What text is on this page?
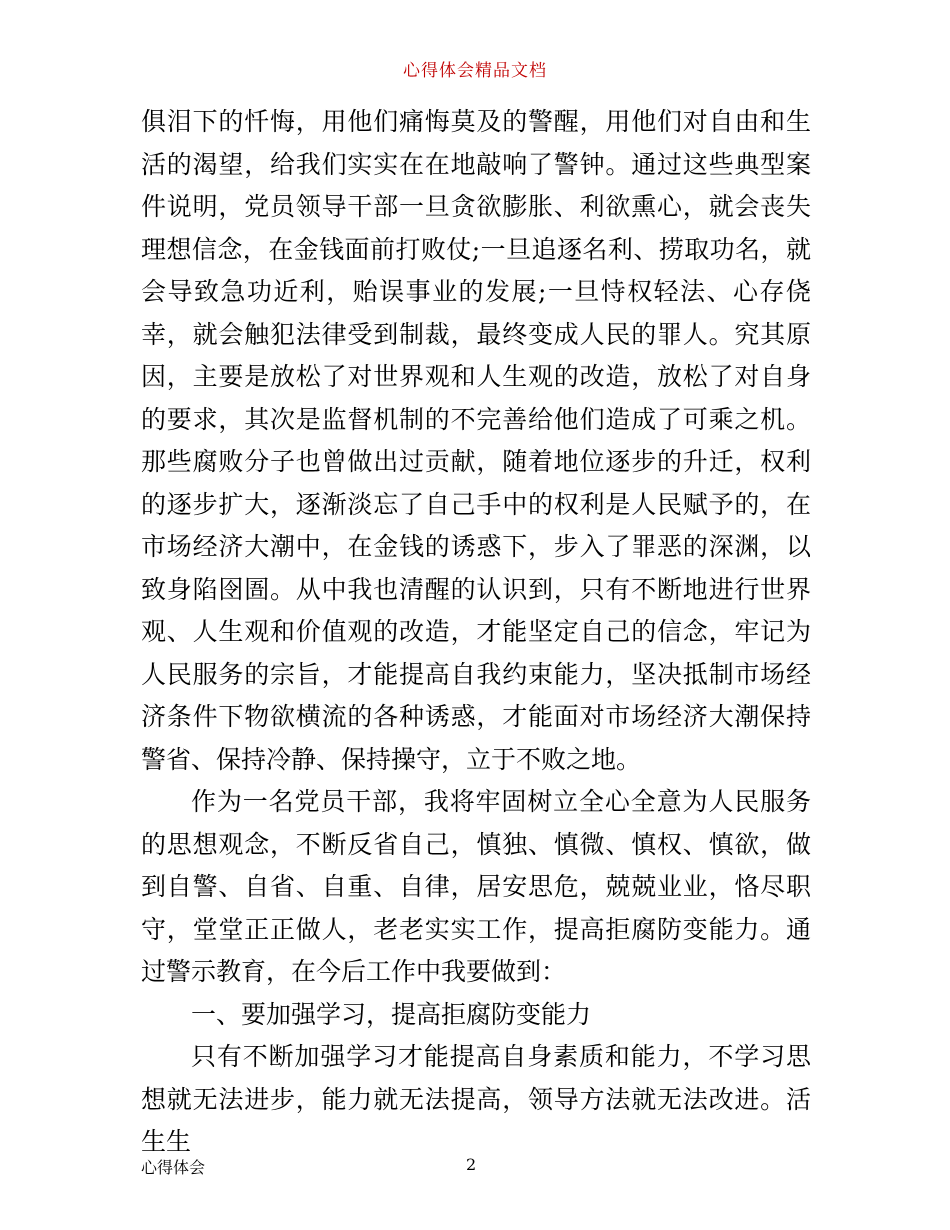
心得体会精品文档

俱泪下的忏悔，用他们痛悔莫及的警醒，用他们对自由和生活的渴望，给我们实实在在地敲响了警钟。通过这些典型案件说明，党员领导干部一旦贪欲膨胀、利欲熏心，就会丧失理想信念，在金钱面前打败仗;一旦追逐名利、捞取功名，就会导致急功近利，贻误事业的发展;一旦恃权轻法、心存侥幸，就会触犯法律受到制裁，最终变成人民的罪人。究其原因，主要是放松了对世界观和人生观的改造，放松了对自身的要求，其次是监督机制的不完善给他们造成了可乘之机。那些腐败分子也曾做出过贡献，随着地位逐步的升迁，权利的逐步扩大，逐渐淡忘了自己手中的权利是人民赋予的，在市场经济大潮中，在金钱的诱惑下，步入了罪恶的深渊，以致身陷囹圄。从中我也清醒的认识到，只有不断地进行世界观、人生观和价值观的改造，才能坚定自己的信念，牢记为人民服务的宗旨，才能提高自我约束能力，坚决抵制市场经济条件下物欲横流的各种诱惑，才能面对市场经济大潮保持警省、保持冷静、保持操守，立于不败之地。

作为一名党员干部，我将牢固树立全心全意为人民服务的思想观念，不断反省自己，慎独、慎微、慎权、慎欲，做到自警、自省、自重、自律，居安思危，兢兢业业，恪尽职守，堂堂正正做人，老老实实工作，提高拒腐防变能力。通过警示教育，在今后工作中我要做到：

一、要加强学习，提高拒腐防变能力

只有不断加强学习才能提高自身素质和能力，不学习思想就无法进步，能力就无法提高，领导方法就无法改进。活生生

心得体会	2
